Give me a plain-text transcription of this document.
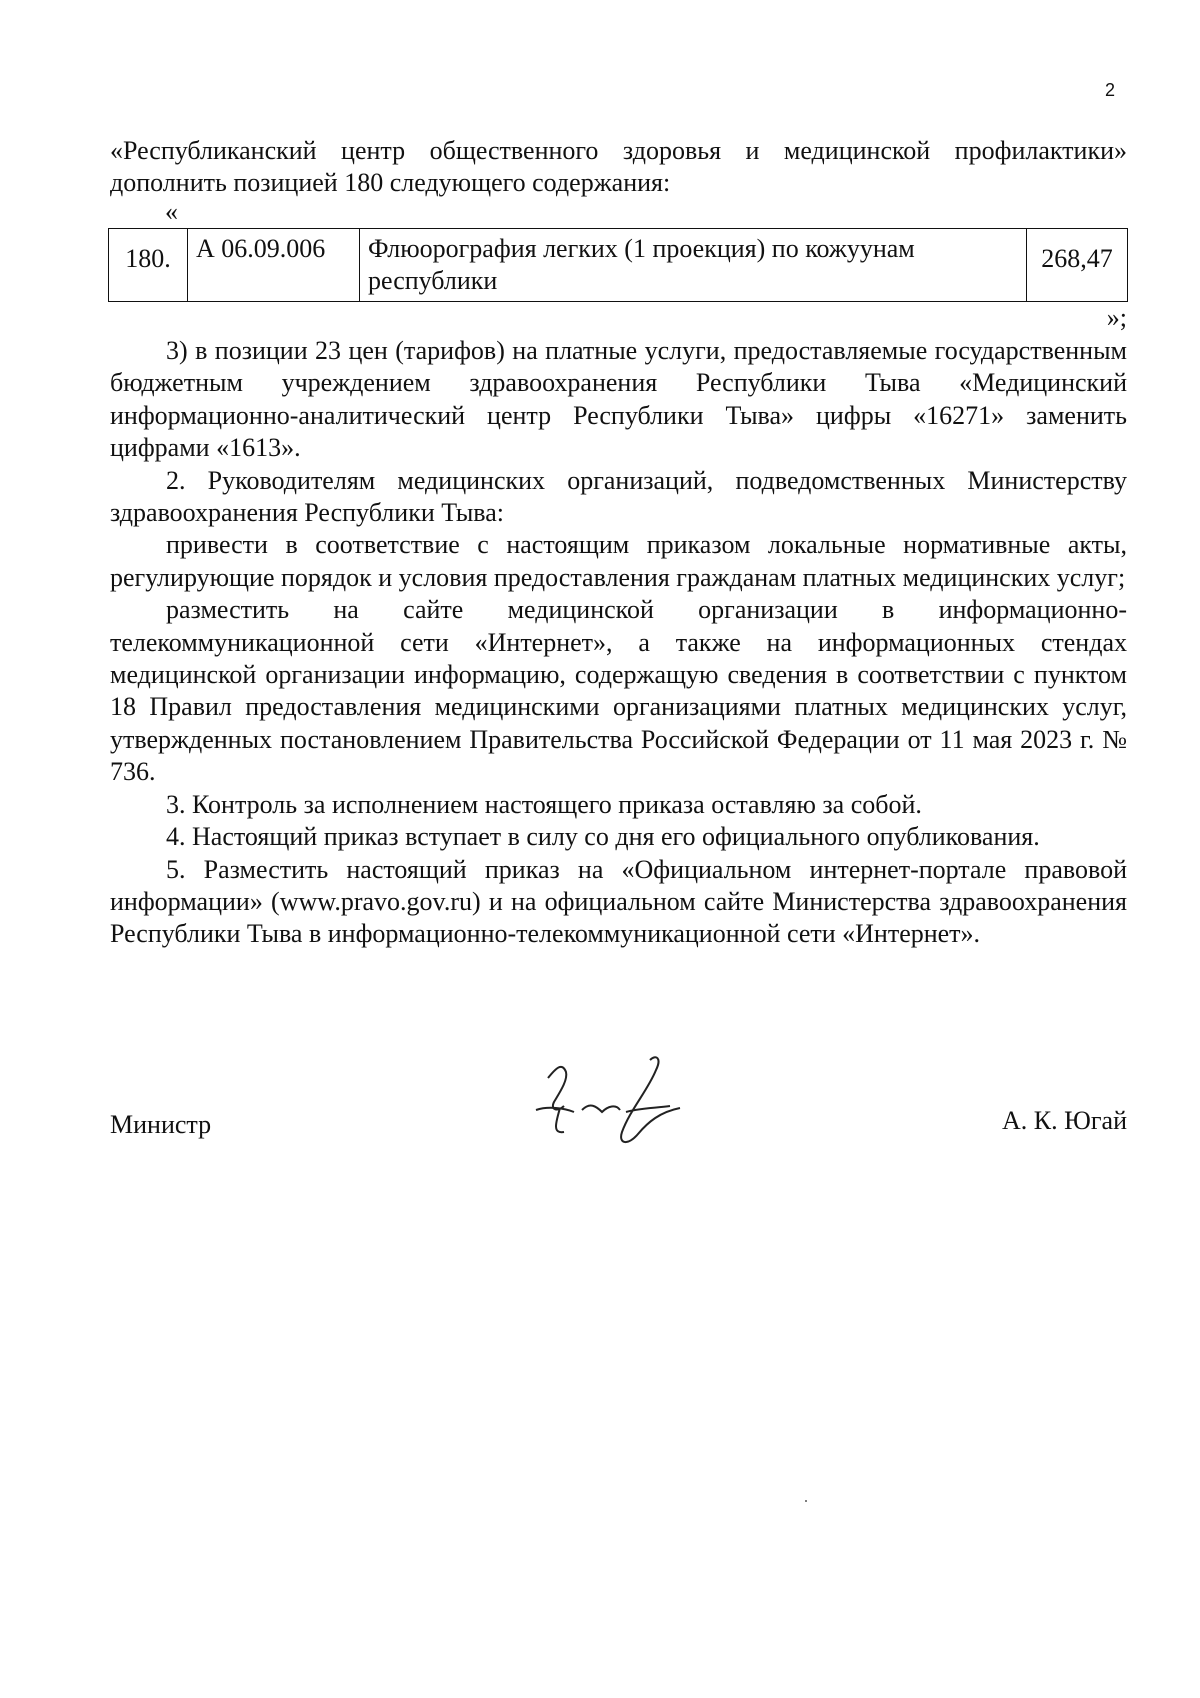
2

«Республиканский центр общественного здоровья и медицинской профилактики» дополнить позицией 180 следующего содержания:

«
180.	А 06.09.006	Флюорография легких (1 проекция) по кожуунам республики	268,47
»;

3) в позиции 23 цен (тарифов) на платные услуги, предоставляемые государственным бюджетным учреждением здравоохранения Республики Тыва «Медицинский информационно-аналитический центр Республики Тыва» цифры «16271» заменить цифрами «1613».

2. Руководителям медицинских организаций, подведомственных Министерству здравоохранения Республики Тыва:

привести в соответствие с настоящим приказом локальные нормативные акты, регулирующие порядок и условия предоставления гражданам платных медицинских услуг;

разместить на сайте медицинской организации в информационно-телекоммуникационной сети «Интернет», а также на информационных стендах медицинской организации информацию, содержащую сведения в соответствии с пунктом 18 Правил предоставления медицинскими организациями платных медицинских услуг, утвержденных постановлением Правительства Российской Федерации от 11 мая 2023 г. № 736.

3. Контроль за исполнением настоящего приказа оставляю за собой.

4. Настоящий приказ вступает в силу со дня его официального опубликования.

5. Разместить настоящий приказ на «Официальном интернет-портале правовой информации» (www.pravo.gov.ru) и на официальном сайте Министерства здравоохранения Республики Тыва в информационно-телекоммуникационной сети «Интернет».

Министр	А. К. Югай
